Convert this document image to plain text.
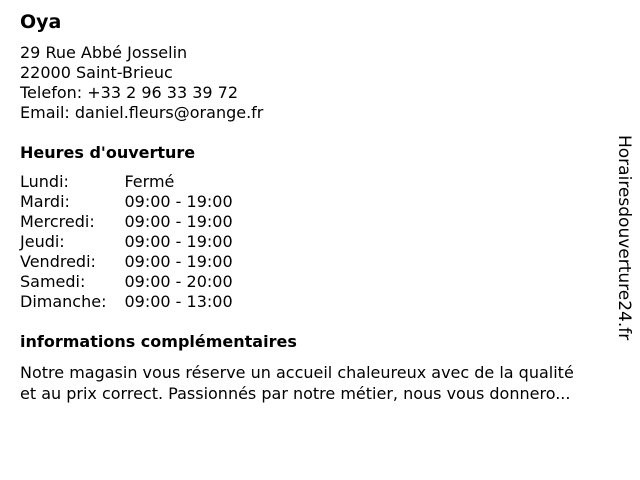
Oya
29 Rue Abbé Josselin
22000 Saint-Brieuc
Telefon: +33 2 96 33 39 72
Email: daniel.fleurs@orange.fr
Heures d'ouverture
Lundi:	Fermé
Mardi:	09:00 - 19:00
Mercredi:	09:00 - 19:00
Jeudi:	09:00 - 19:00
Vendredi:	09:00 - 19:00
Samedi:	09:00 - 20:00
Dimanche:	09:00 - 13:00
informations complémentaires
Notre magasin vous réserve un accueil chaleureux avec de la qualité
et au prix correct. Passionnés par notre métier, nous vous donnero...
Horairesdouverture24.fr
